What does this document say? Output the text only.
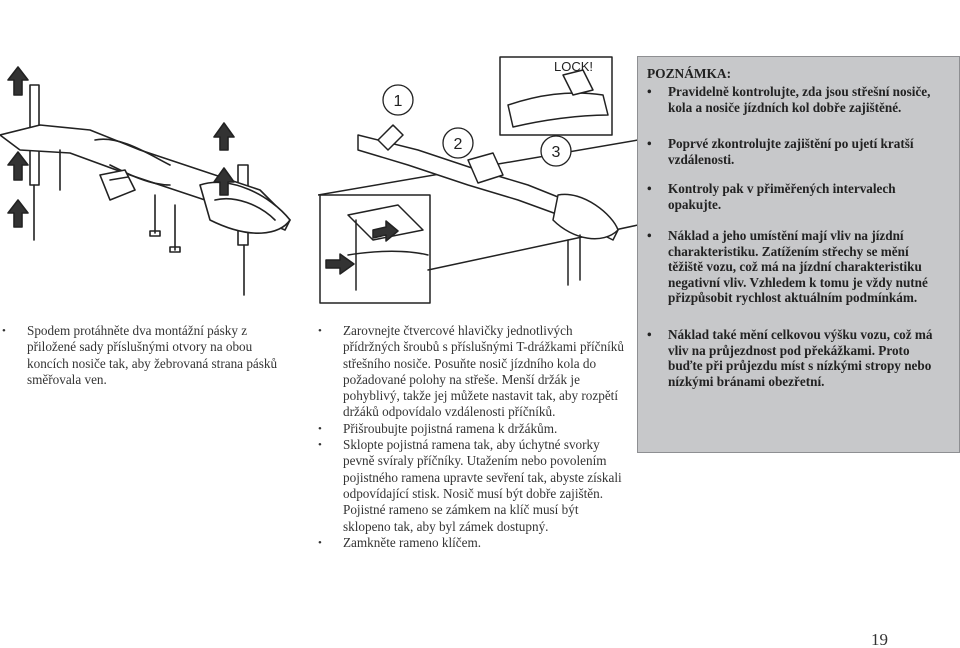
1
2	3
LOCK!
• Spodem protáhněte dva montážní pásky z přiložené sady příslušnými otvory na obou koncích nosiče tak, aby žebrovaná strana pásků směřovala ven.
• Zarovnejte čtvercové hlavičky jednotlivých přídržných šroubů s příslušnými T-drážkami příčníků střešního nosiče. Posuňte nosič jízdního kola do požadované polohy na střeše. Menší držák je pohyblivý, takže jej můžete nastavit tak, aby rozpětí držáků odpovídalo vzdálenosti příčníků.
• Přišroubujte pojistná ramena k držákům.
• Sklopte pojistná ramena tak, aby úchytné svorky pevně svíraly příčníky. Utažením nebo povolením pojistného ramena upravte sevření tak, abyste získali odpovídající stisk. Nosič musí být dobře zajištěn. Pojistné rameno se zámkem na klíč musí být sklopeno tak, aby byl zámek dostupný.
• Zamkněte rameno klíčem.
POZNÁMKA:
• Pravidelně kontrolujte, zda jsou střešní nosiče, kola a nosiče jízdních kol dobře zajištěné.
• Poprvé zkontrolujte zajištění po ujetí kratší vzdálenosti.
• Kontroly pak v přiměřených intervalech opakujte.
• Náklad a jeho umístění mají vliv na jízdní charakteristiku. Zatížením střechy se mění těžiště vozu, což má na jízdní charakteristiku negativní vliv. Vzhledem k tomu je vždy nutné přizpůsobit rychlost aktuálním podmínkám.
• Náklad také mění celkovou výšku vozu, což má vliv na průjezdnost pod překážkami. Proto buďte při průjezdu míst s nízkými stropy nebo nízkými bránami obezřetní.
19
